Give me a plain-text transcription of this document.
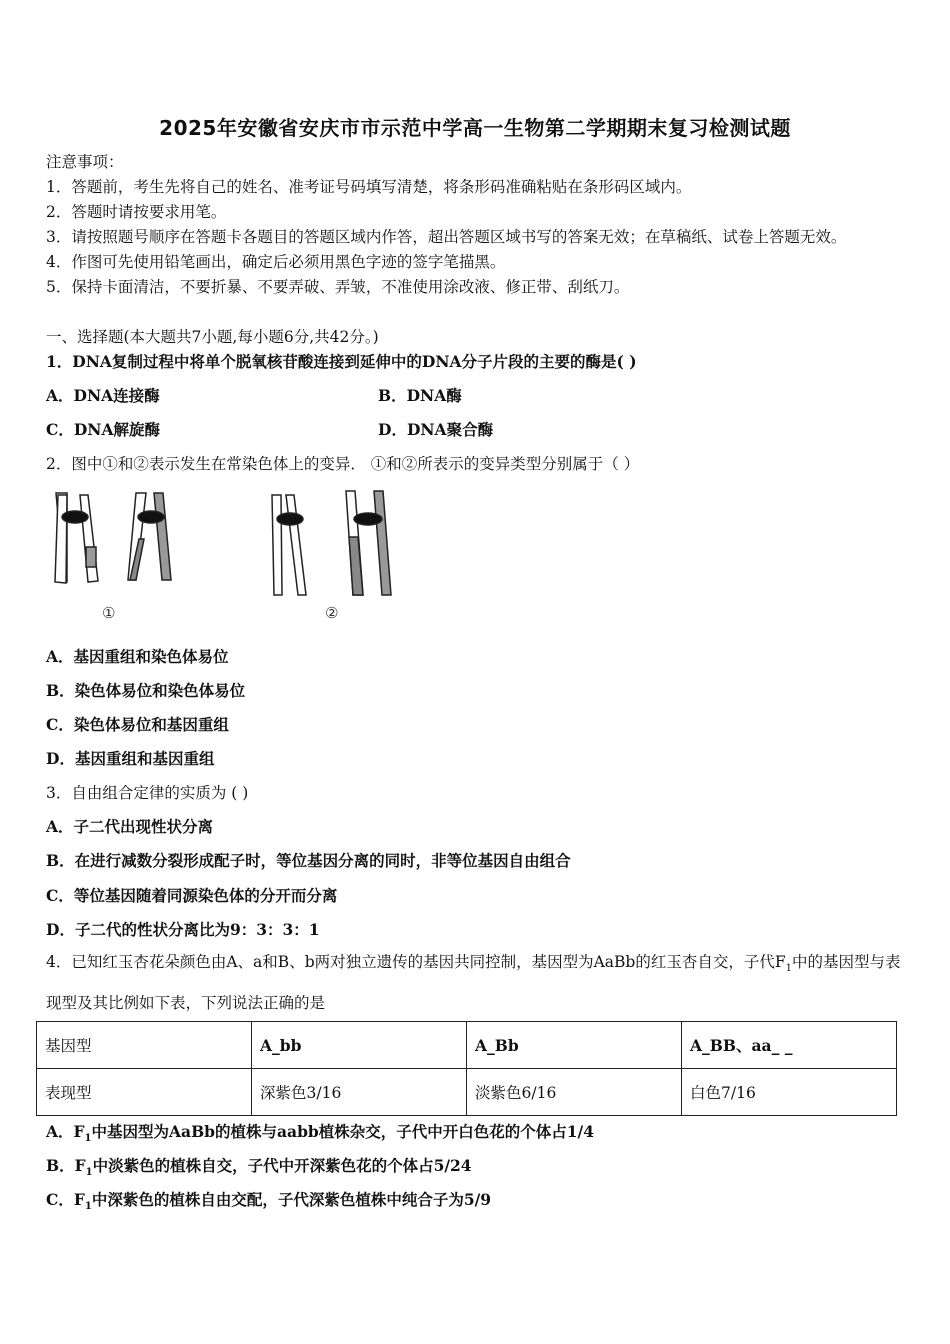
2025年安徽省安庆市市示范中学高一生物第二学期期末复习检测试题
注意事项：
1．答题前，考生先将自己的姓名、准考证号码填写清楚，将条形码准确粘贴在条形码区域内。
2．答题时请按要求用笔。
3．请按照题号顺序在答题卡各题目的答题区域内作答，超出答题区域书写的答案无效；在草稿纸、试卷上答题无效。
4．作图可先使用铅笔画出，确定后必须用黑色字迹的签字笔描黑。
5．保持卡面清洁，不要折暴、不要弄破、弄皱，不准使用涂改液、修正带、刮纸刀。
一、选择题(本大题共7小题,每小题6分,共42分。)
1．DNA复制过程中将单个脱氧核苷酸连接到延伸中的DNA分子片段的主要的酶是( )
A．DNA连接酶	B．DNA酶
C．DNA解旋酶	D．DNA聚合酶
2．图中①和②表示发生在常染色体上的变异． ①和②所表示的变异类型分别属于（ ）
①	②
A．基因重组和染色体易位
B．染色体易位和染色体易位
C．染色体易位和基因重组
D．基因重组和基因重组
3．自由组合定律的实质为 ( )
A．子二代出现性状分离
B．在进行减数分裂形成配子时，等位基因分离的同时，非等位基因自由组合
C．等位基因随着同源染色体的分开而分离
D．子二代的性状分离比为9：3：3：1
4．已知红玉杏花朵颜色由A、a和B、b两对独立遗传的基因共同控制，基因型为AaBb的红玉杏自交，子代$F_1$中的基因型与表现型及其比例如下表，下列说法正确的是
基因型	A_bb	A_Bb	A_BB、aa_ _
表现型	深紫色3/16	淡紫色6/16	白色7/16
A．$F_1$中基因型为AaBb的植株与aabb植株杂交，子代中开白色花的个体占1/4
B．$F_1$中淡紫色的植株自交，子代中开深紫色花的个体占5/24
C．$F_1$中深紫色的植株自由交配，子代深紫色植株中纯合子为5/9
